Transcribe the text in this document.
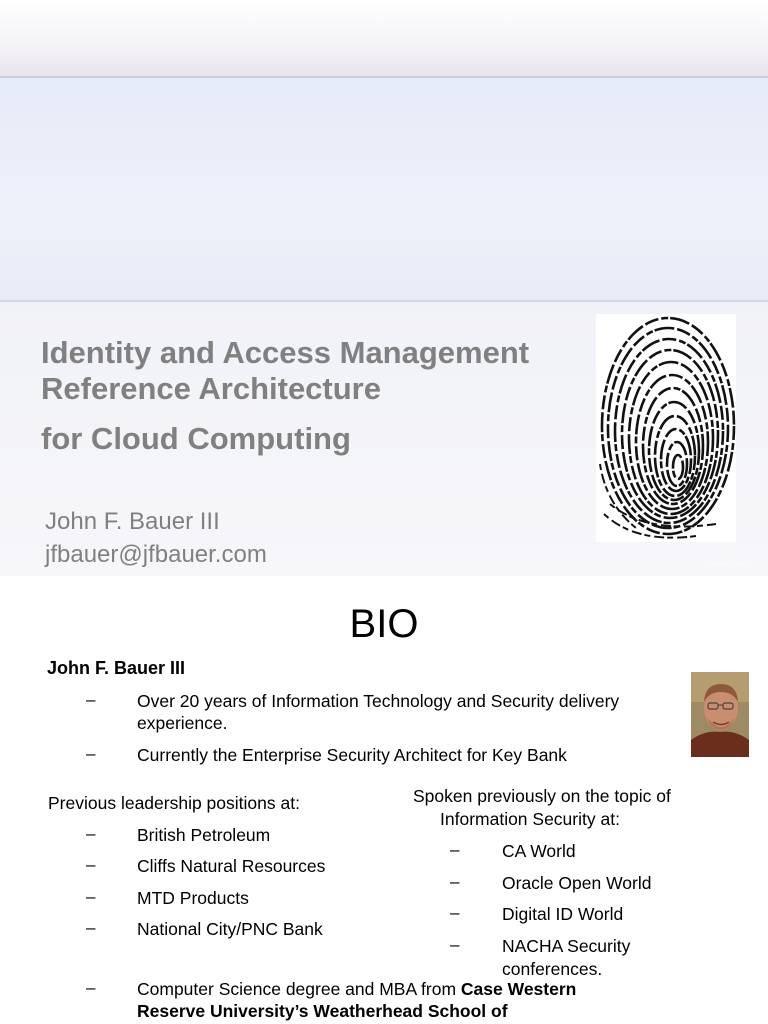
Identity and Access Management
Reference Architecture
for Cloud Computing
John F. Bauer III
jfbauer@jfbauer.com	fotolia.com
BIO
John F. Bauer III
– Over 20 years of Information Technology and Security delivery
experience.
– Currently the Enterprise Security Architect for Key Bank
Previous leadership positions at:
– British Petroleum
– Cliffs Natural Resources
– MTD Products
– National City/PNC Bank
Spoken previously on the topic of
Information Security at:
– CA World
– Oracle Open World
– Digital ID World
– NACHA Security
conferences.
– Computer Science degree and MBA from Case Western
Reserve University’s Weatherhead School of
